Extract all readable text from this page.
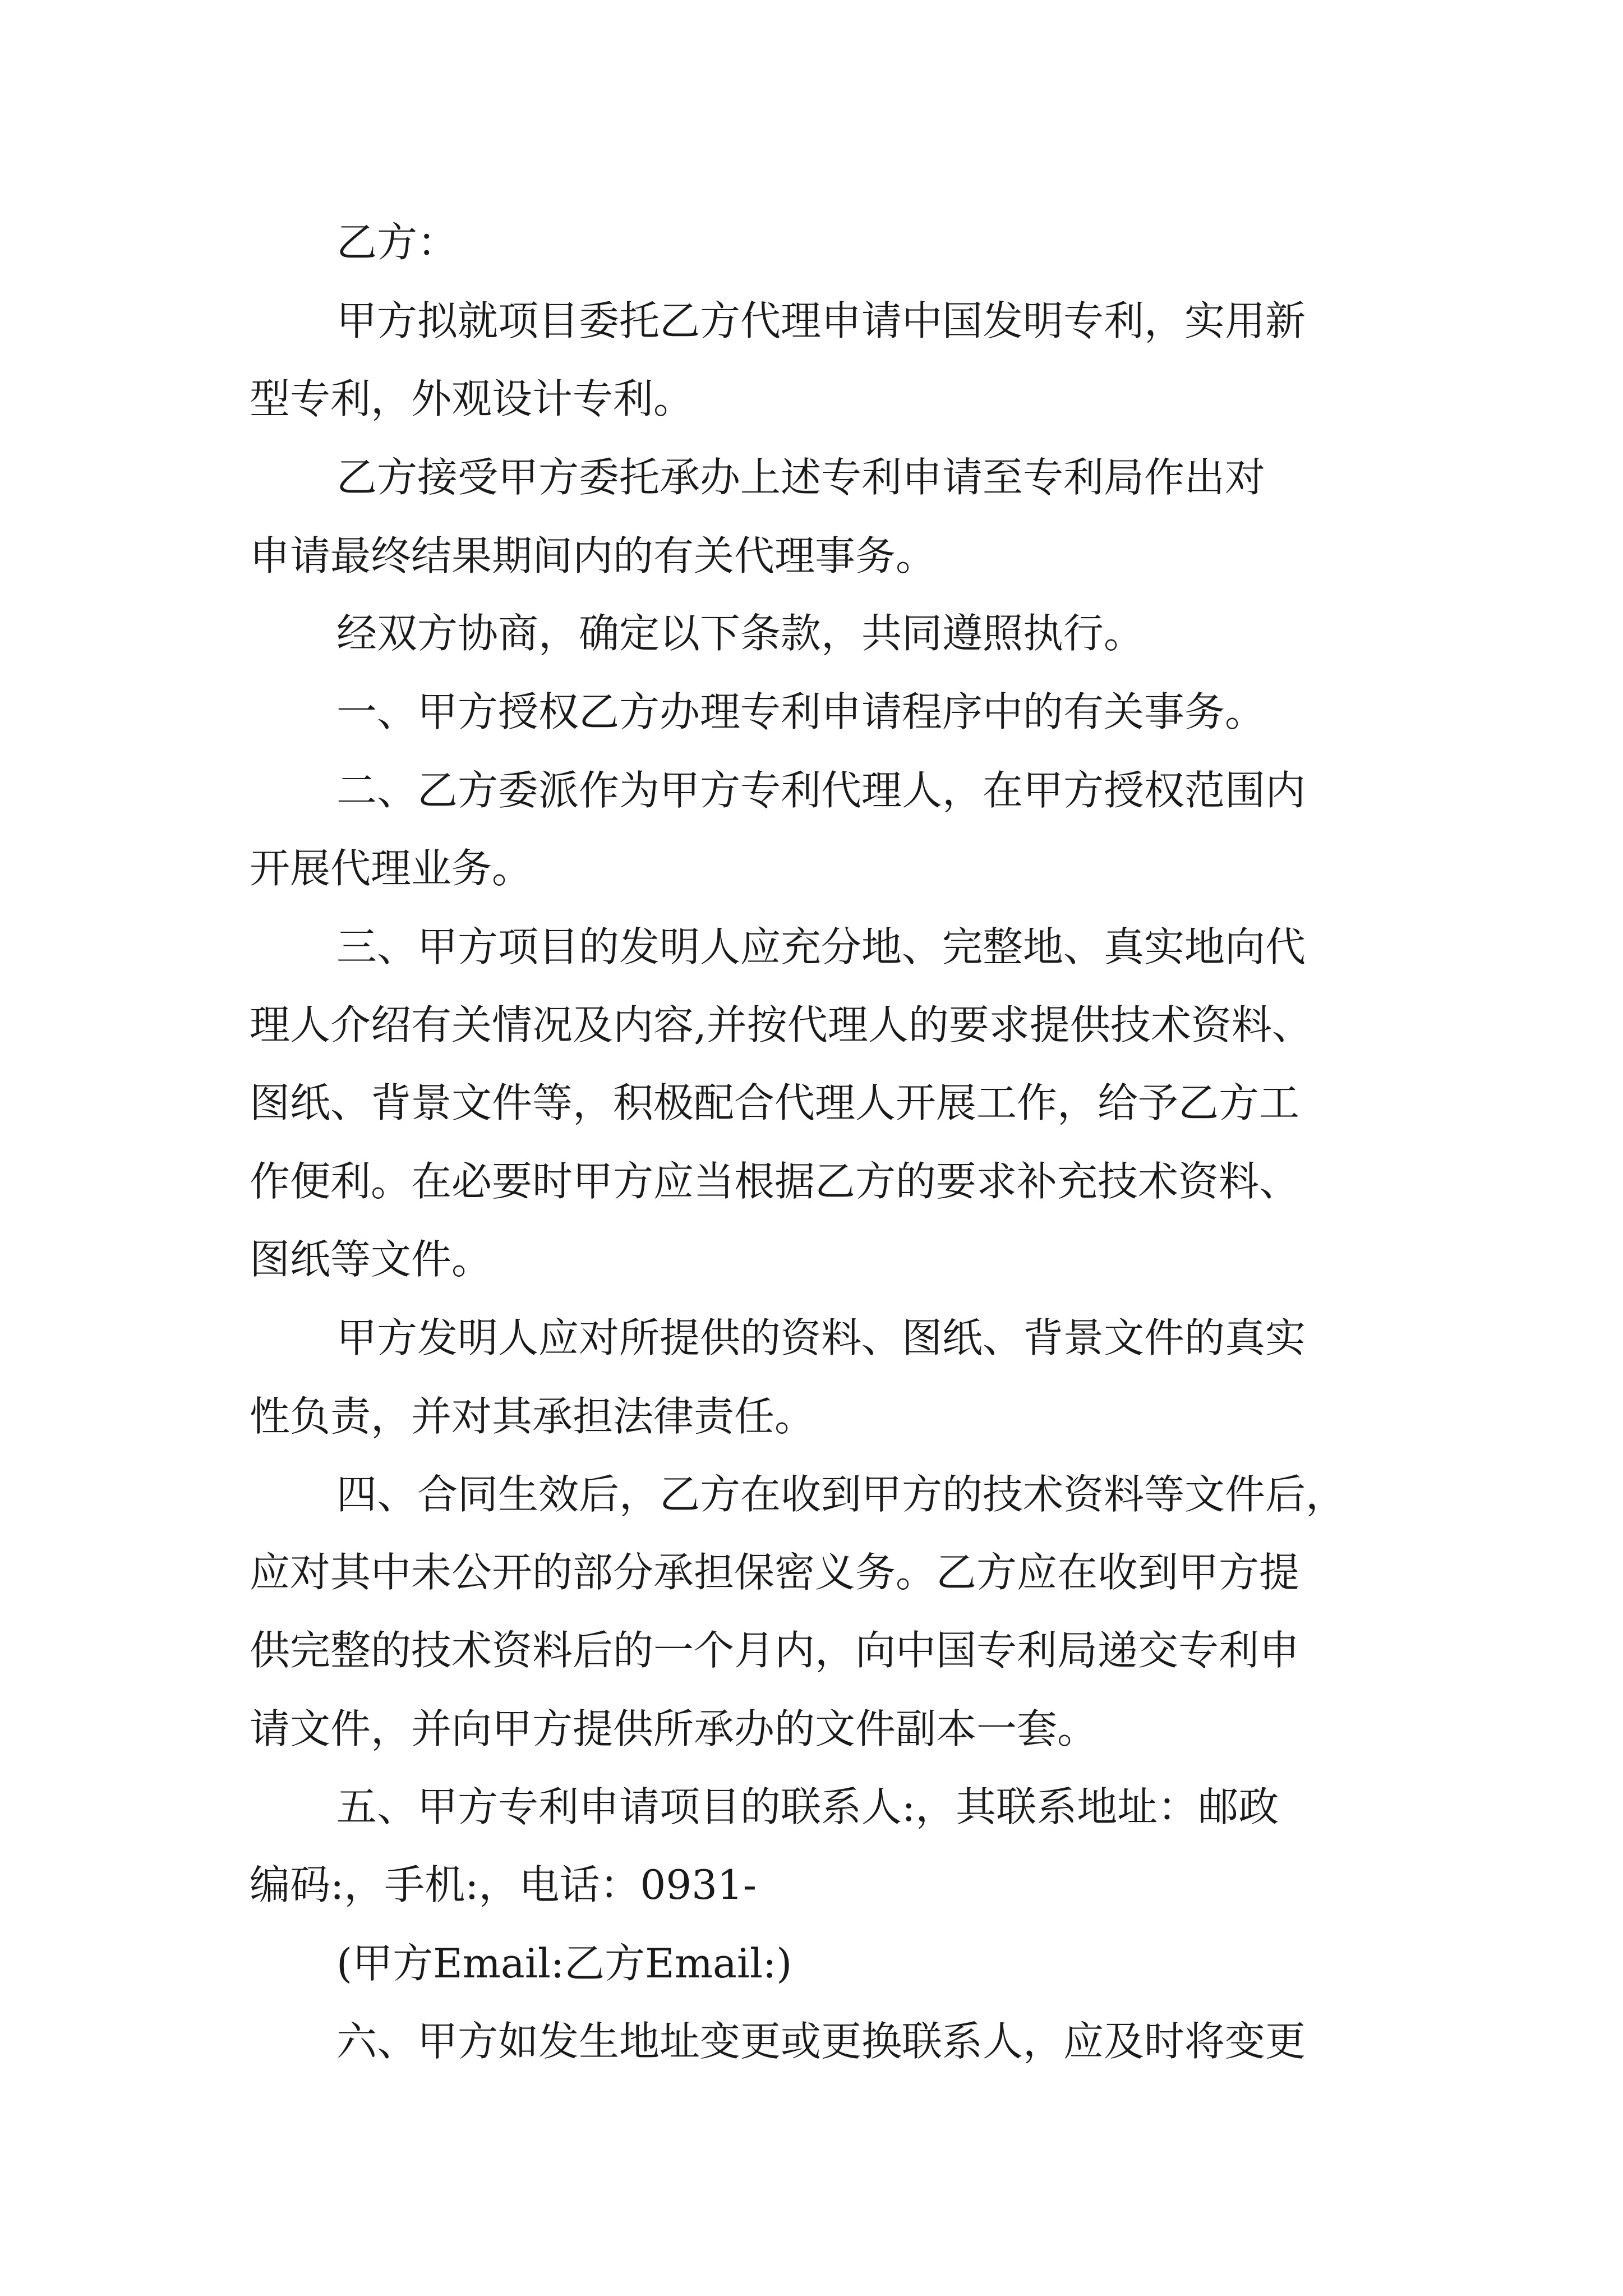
乙方：
甲方拟就项目委托乙方代理申请中国发明专利，实用新
型专利，外观设计专利。
乙方接受甲方委托承办上述专利申请至专利局作出对
申请最终结果期间内的有关代理事务。
经双方协商，确定以下条款，共同遵照执行。
一、甲方授权乙方办理专利申请程序中的有关事务。
二、乙方委派作为甲方专利代理人，在甲方授权范围内
开展代理业务。
三、甲方项目的发明人应充分地、完整地、真实地向代
理人介绍有关情况及内容,并按代理人的要求提供技术资料、
图纸、背景文件等，积极配合代理人开展工作，给予乙方工
作便利。在必要时甲方应当根据乙方的要求补充技术资料、
图纸等文件。
甲方发明人应对所提供的资料、图纸、背景文件的真实
性负责，并对其承担法律责任。
四、合同生效后，乙方在收到甲方的技术资料等文件后，
应对其中未公开的部分承担保密义务。乙方应在收到甲方提
供完整的技术资料后的一个月内，向中国专利局递交专利申
请文件，并向甲方提供所承办的文件副本一套。
五、甲方专利申请项目的联系人:，其联系地址：邮政
编码:，手机:，电话：0931-
(甲方Email:乙方Email:)
六、甲方如发生地址变更或更换联系人，应及时将变更
